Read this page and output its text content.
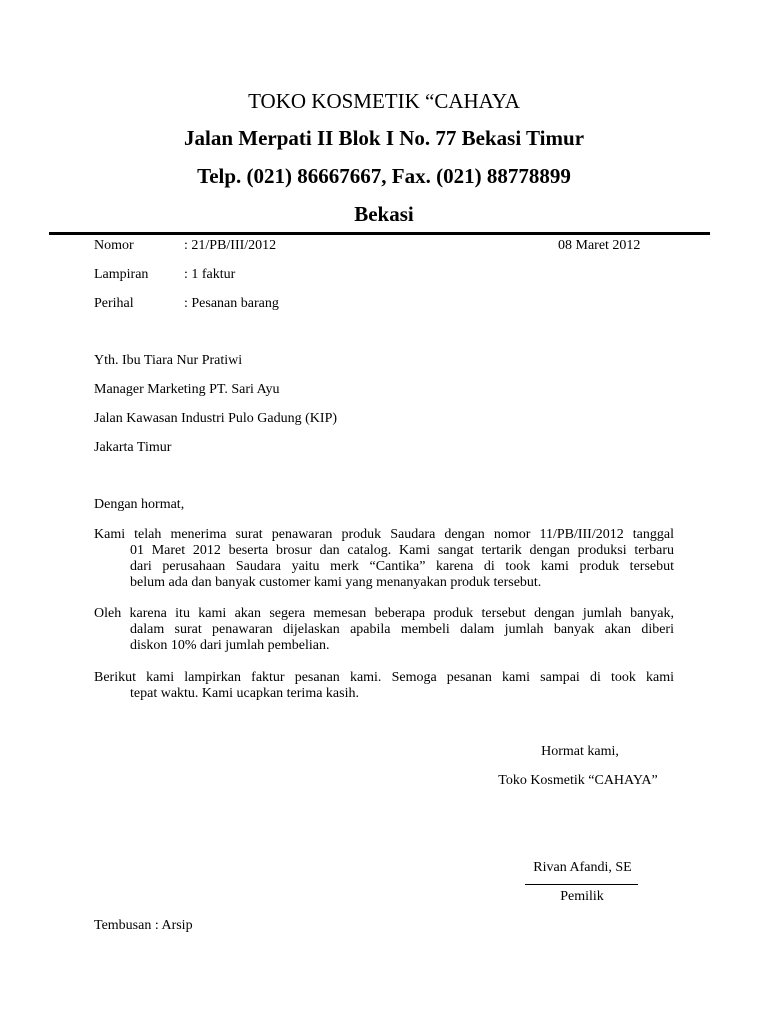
TOKO KOSMETIK “CAHAYA
Jalan Merpati II Blok I No. 77 Bekasi Timur
Telp. (021) 86667667, Fax. (021) 88778899
Bekasi
Nomor	: 21/PB/III/2012	08 Maret 2012
Lampiran	: 1 faktur
Perihal	: Pesanan barang
Yth. Ibu Tiara Nur Pratiwi
Manager Marketing PT. Sari Ayu
Jalan Kawasan Industri Pulo Gadung (KIP)
Jakarta Timur
Dengan hormat,
Kami telah menerima surat penawaran produk Saudara dengan nomor 11/PB/III/2012 tanggal
01 Maret 2012 beserta brosur dan catalog. Kami sangat tertarik dengan produksi terbaru
dari perusahaan Saudara yaitu merk “Cantika” karena di took kami produk tersebut
belum ada dan banyak customer kami yang menanyakan produk tersebut.
Oleh karena itu kami akan segera memesan beberapa produk tersebut dengan jumlah banyak,
dalam surat penawaran dijelaskan apabila membeli dalam jumlah banyak akan diberi
diskon 10% dari jumlah pembelian.
Berikut kami lampirkan faktur pesanan kami. Semoga pesanan kami sampai di took kami
tepat waktu. Kami ucapkan terima kasih.
Hormat kami,
Toko Kosmetik “CAHAYA”
Rivan Afandi, SE
Pemilik
Tembusan : Arsip
